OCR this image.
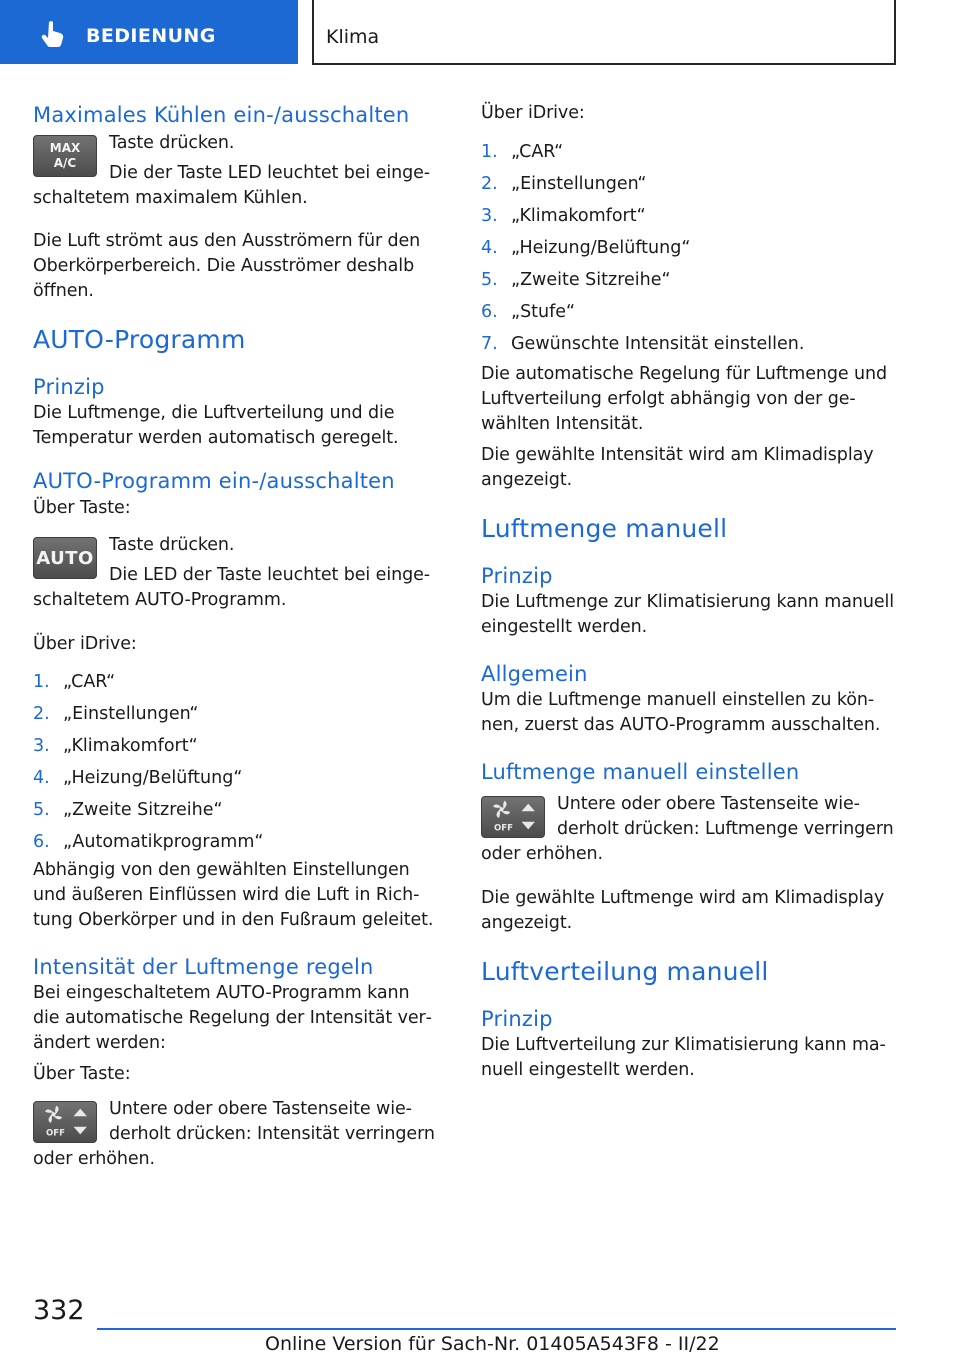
BEDIENUNG	Klima
Maximales Kühlen ein-/ausschalten
MAX
A/C

Taste drücken.

Die der Taste LED leuchtet bei eingeschaltetem maximalem Kühlen.

Die Luft strömt aus den Ausströmern für den Oberkörperbereich. Die Ausströmer deshalb öffnen.

AUTO-Programm
Prinzip

Die Luftmenge, die Luftverteilung und die Temperatur werden automatisch geregelt.

AUTO-Programm ein-/ausschalten

Über Taste:

AUTO

Taste drücken.

Die LED der Taste leuchtet bei eingeschaltetem AUTO-Programm.

Über iDrive:

1. „CAR“
2. „Einstellungen“
3. „Klimakomfort“
4. „Heizung/Belüftung“
5. „Zweite Sitzreihe“
6. „Automatikprogramm“

Abhängig von den gewählten Einstellungen und äußeren Einflüssen wird die Luft in Richtung Oberkörper und in den Fußraum geleitet.

Intensität der Luftmenge regeln

Bei eingeschaltetem AUTO-Programm kann die automatische Regelung der Intensität verändert werden:

Über Taste:

OFF

Untere oder obere Tastenseite wiederholt drücken: Intensität verringern oder erhöhen.

Über iDrive:

1. „CAR“
2. „Einstellungen“
3. „Klimakomfort“
4. „Heizung/Belüftung“
5. „Zweite Sitzreihe“
6. „Stufe“
7. Gewünschte Intensität einstellen.

Die automatische Regelung für Luftmenge und Luftverteilung erfolgt abhängig von der gewählten Intensität.

Die gewählte Intensität wird am Klimadisplay angezeigt.

Luftmenge manuell
Prinzip

Die Luftmenge zur Klimatisierung kann manuell eingestellt werden.

Allgemein

Um die Luftmenge manuell einstellen zu können, zuerst das AUTO-Programm ausschalten.

Luftmenge manuell einstellen
OFF

Untere oder obere Tastenseite wiederholt drücken: Luftmenge verringern oder erhöhen.

Die gewählte Luftmenge wird am Klimadisplay angezeigt.

Luftverteilung manuell
Prinzip

Die Luftverteilung zur Klimatisierung kann manuell eingestellt werden.

332
Online Version für Sach-Nr. 01405A543F8 - II/22
